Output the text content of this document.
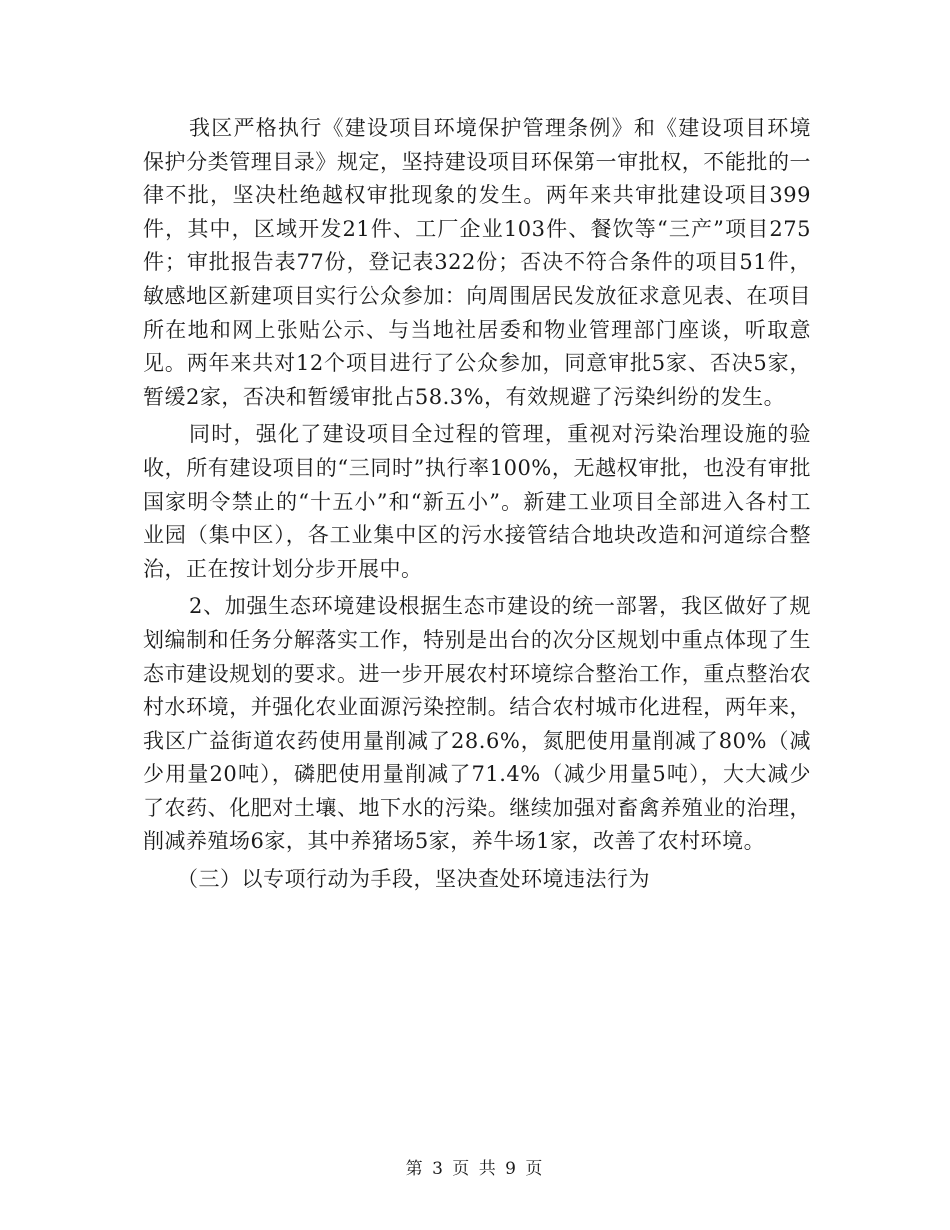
我区严格执行《建设项目环境保护管理条例》和《建设项目环境保护分类管理目录》规定，坚持建设项目环保第一审批权，不能批的一律不批，坚决杜绝越权审批现象的发生。两年来共审批建设项目399件，其中，区域开发21件、工厂企业103件、餐饮等“三产”项目275件；审批报告表77份，登记表322份；否决不符合条件的项目51件，敏感地区新建项目实行公众参加：向周围居民发放征求意见表、在项目所在地和网上张贴公示、与当地社居委和物业管理部门座谈，听取意见。两年来共对12个项目进行了公众参加，同意审批5家、否决5家，暂缓2家，否决和暂缓审批占58.3%，有效规避了污染纠纷的发生。

同时，强化了建设项目全过程的管理，重视对污染治理设施的验收，所有建设项目的“三同时”执行率100%，无越权审批，也没有审批国家明令禁止的“十五小”和“新五小”。新建工业项目全部进入各村工业园（集中区），各工业集中区的污水接管结合地块改造和河道综合整治，正在按计划分步开展中。

2、加强生态环境建设根据生态市建设的统一部署，我区做好了规划编制和任务分解落实工作，特别是出台的次分区规划中重点体现了生态市建设规划的要求。进一步开展农村环境综合整治工作，重点整治农村水环境，并强化农业面源污染控制。结合农村城市化进程，两年来，我区广益街道农药使用量削减了28.6%，氮肥使用量削减了80%（减少用量20吨），磷肥使用量削减了71.4%（减少用量5吨），大大减少了农药、化肥对土壤、地下水的污染。继续加强对畜禽养殖业的治理，削减养殖场6家，其中养猪场5家，养牛场1家，改善了农村环境。

（三）以专项行动为手段，坚决查处环境违法行为

第 3 页 共 9 页
